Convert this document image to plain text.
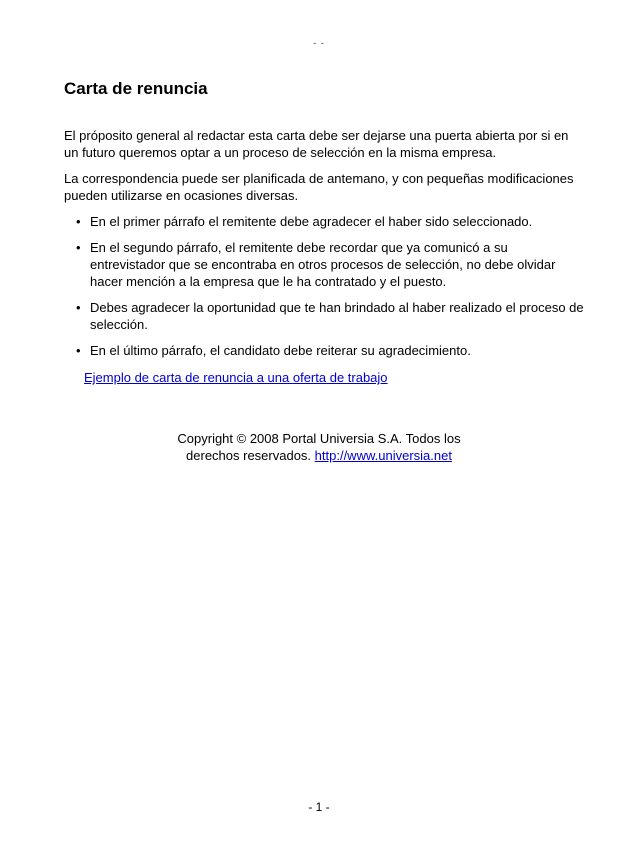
- -
Carta de renuncia

El próposito general al redactar esta carta debe ser dejarse una puerta abierta por si en un futuro queremos optar a un proceso de selección en la misma empresa.

La correspondencia puede ser planificada de antemano, y con pequeñas modificaciones pueden utilizarse en ocasiones diversas.

• En el primer párrafo el remitente debe agradecer el haber sido seleccionado.
• En el segundo párrafo, el remitente debe recordar que ya comunicó a su entrevistador que se encontraba en otros procesos de selección, no debe olvidar hacer mención a la empresa que le ha contratado y el puesto.
• Debes agradecer la oportunidad que te han brindado al haber realizado el proceso de selección.
• En el último párrafo, el candidato debe reiterar su agradecimiento.
Ejemplo de carta de renuncia a una oferta de trabajo
Copyright © 2008 Portal Universia S.A. Todos los
derechos reservados. http://www.universia.net
- 1 -
